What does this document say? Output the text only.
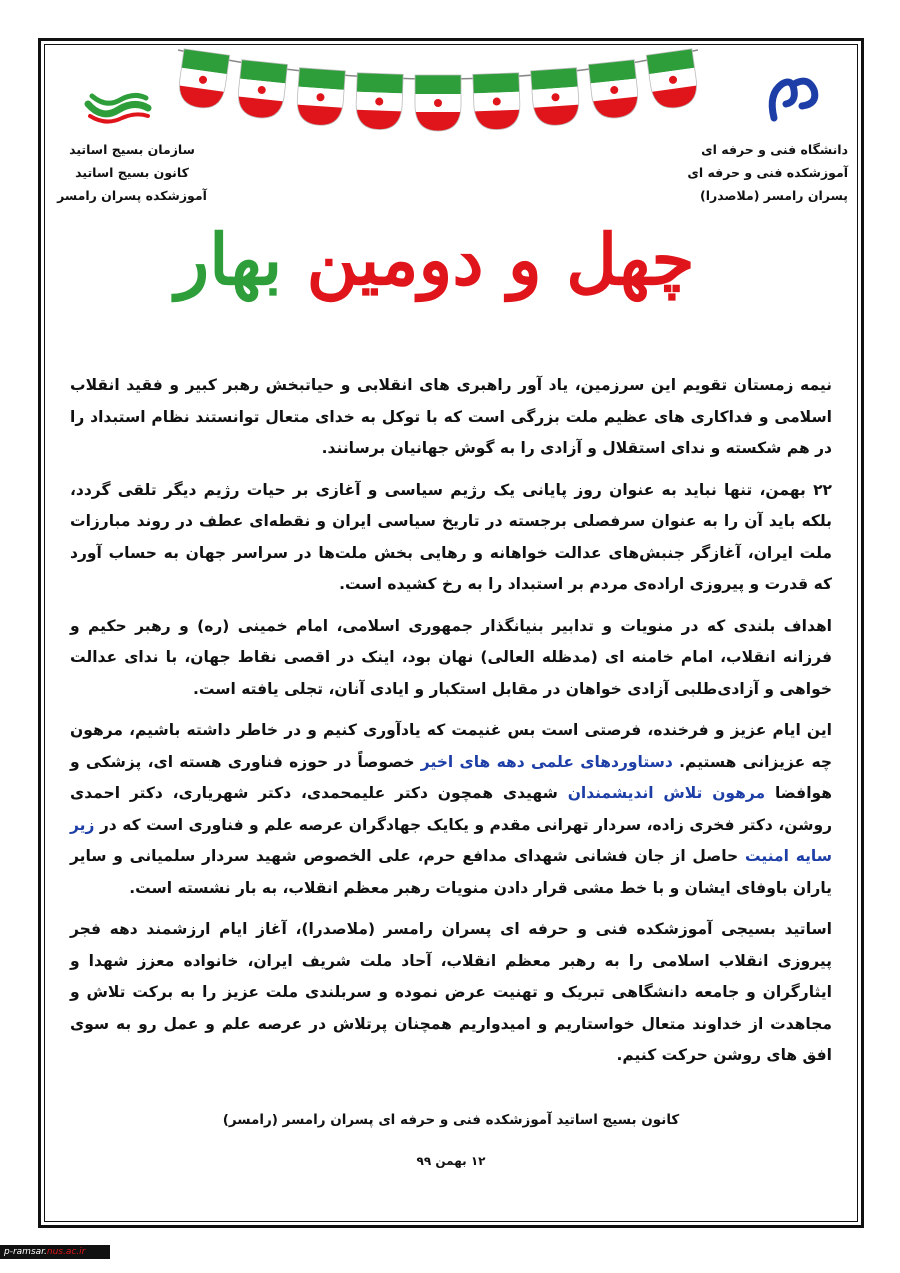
دانشگاه فنی و حرفه ای
آموزشکده فنی و حرفه ای
پسران رامسر (ملاصدرا)
سازمان بسیج اساتید
کانون بسیج اساتید
آموزشکده پسران رامسر
چهل و دومین بهار

نیمه زمستان تقویم این سرزمین، یاد آور راهبری های انقلابی و حیاتبخش رهبر کبیر و فقید انقلاب اسلامی و فداکاری های عظیم ملت بزرگی است که با توکل به خدای متعال توانستند نظام استبداد را در هم شکسته و ندای استقلال و آزادی را به گوش جهانیان برسانند.

۲۲ بهمن، تنها نباید به عنوان روز پایانی یک رژیم سیاسی و آغازی بر حیات رژیم دیگر تلقی گردد، بلکه باید آن را به عنوان سرفصلی برجسته در تاریخ سیاسی ایران و نقطه‌ای عطف در روند مبارزات ملت ایران، آغازگر جنبش‌های عدالت خواهانه و رهایی بخش ملت‌ها در سراسر جهان به حساب آورد که قدرت و پیروزی اراده‌ی مردم بر استبداد را به رخ کشیده است.

اهداف بلندی که در منویات و تدابیر بنیانگذار جمهوری اسلامی، امام خمینی (ره) و رهبر حکیم و فرزانه انقلاب، امام خامنه ای (مدظله العالی) نهان بود، اینک در اقصی نقاط جهان، با ندای عدالت خواهی و آزادی‌طلبی آزادی خواهان در مقابل استکبار و ایادی آنان، تجلی یافته است.

این ایام عزیز و فرخنده، فرصتی است بس غنیمت که یادآوری کنیم و در خاطر داشته باشیم، مرهون چه عزیزانی هستیم. دستاوردهای علمی دهه های اخیر خصوصاً در حوزه فناوری هسته ای، پزشکی و هوافضا مرهون تلاش اندیشمندان شهیدی همچون دکتر علیمحمدی، دکتر شهریاری، دکتر احمدی روشن، دکتر فخری زاده، سردار تهرانی مقدم و یکایک جهادگران عرصه علم و فناوری است که در زیر سایه امنیت حاصل از جان فشانی شهدای مدافع حرم، علی الخصوص شهید سردار سلمیانی و سایر یاران باوفای ایشان و با خط مشی قرار دادن منویات رهبر معظم انقلاب، به بار نشسته است.

اساتید بسیجی آموزشکده فنی و حرفه ای پسران رامسر (ملاصدرا)، آغاز ایام ارزشمند دهه فجر پیروزی انقلاب اسلامی را به رهبر معظم انقلاب، آحاد ملت شریف ایران، خانواده معزز شهدا و ایثارگران و جامعه دانشگاهی تبریک و تهنیت عرض نموده و سربلندی ملت عزیز را به برکت تلاش و مجاهدت از خداوند متعال خواستاریم و امیدواریم همچنان پرتلاش در عرصه علم و عمل رو به سوی افق های روشن حرکت کنیم.

کانون بسیج اساتید آموزشکده فنی و حرفه ای پسران رامسر (رامسر)
۱۲ بهمن ۹۹
p-ramsar.nus.ac.ir
